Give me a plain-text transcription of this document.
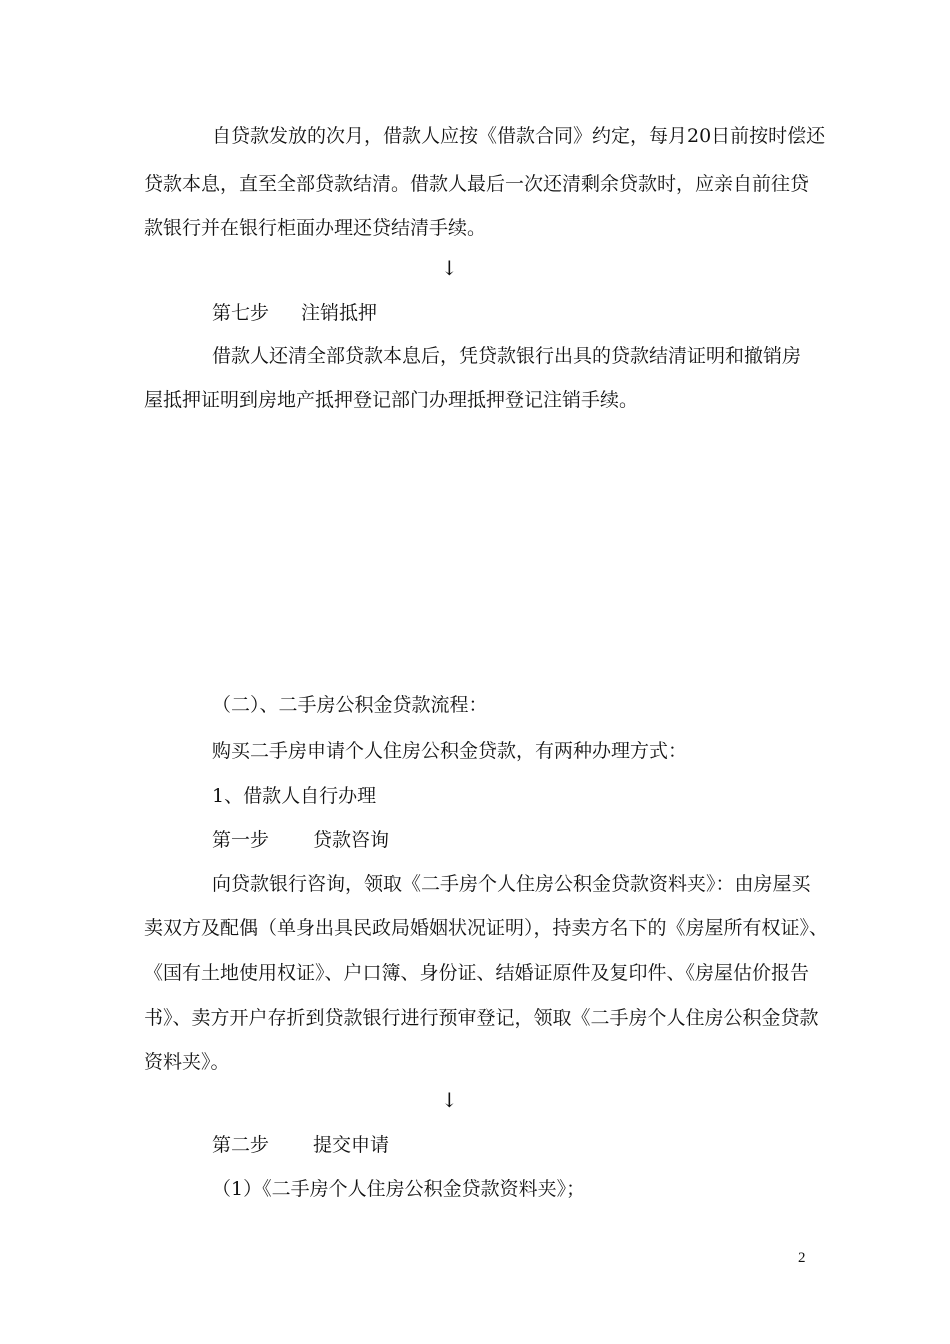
自贷款发放的次月，借款人应按《借款合同》约定，每月20日前按时偿还
贷款本息，直至全部贷款结清。借款人最后一次还清剩余贷款时，应亲自前往贷
款银行并在银行柜面办理还贷结清手续。
↓
第七步 注销抵押
借款人还清全部贷款本息后，凭贷款银行出具的贷款结清证明和撤销房
屋抵押证明到房地产抵押登记部门办理抵押登记注销手续。
（二）、二手房公积金贷款流程：
购买二手房申请个人住房公积金贷款，有两种办理方式：
1、借款人自行办理
第一步 贷款咨询
向贷款银行咨询，领取《二手房个人住房公积金贷款资料夹》：由房屋买
卖双方及配偶（单身出具民政局婚姻状况证明），持卖方名下的《房屋所有权证》、
《国有土地使用权证》、户口簿、身份证、结婚证原件及复印件、《房屋估价报告
书》、卖方开户存折到贷款银行进行预审登记，领取《二手房个人住房公积金贷款
资料夹》。
↓
第二步 提交申请
（1）《二手房个人住房公积金贷款资料夹》；
2
